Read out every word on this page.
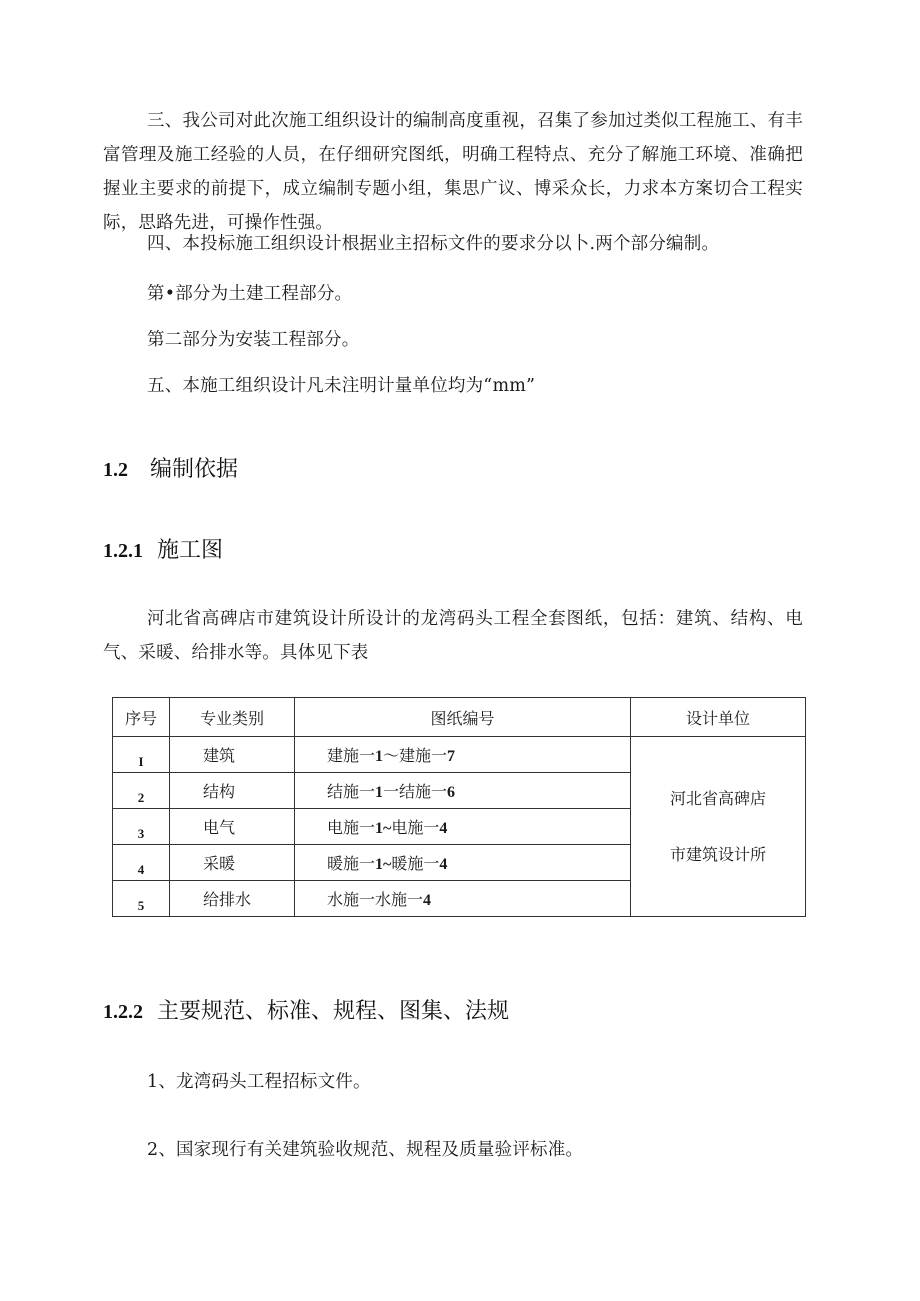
三、我公司对此次施工组织设计的编制高度重视，召集了参加过类似工程施工、有丰富管理及施工经验的人员，在仔细研究图纸，明确工程特点、充分了解施工环境、准确把握业主要求的前提下，成立编制专题小组，集思广议、博采众长，力求本方案切合工程实际，思路先进，可操作性强。

四、本投标施工组织设计根据业主招标文件的要求分以卜.两个部分编制。

第•部分为土建工程部分。

第二部分为安装工程部分。

五、本施工组织设计凡未注明计量单位均为“mm”

1.2 编制依据
1.2.1 施工图

河北省高碑店市建筑设计所设计的龙湾码头工程全套图纸，包括：建筑、结构、电气、采暖、给排水等。具体见下表

序号	专业类别	图纸编号	设计单位
I	建筑	建施一1～建施一7	河北省高碑店
市建筑设计所

2	结构	结施一1一结施一6	
3	电气	电施一1~电施一4	
4	采暖	暖施一1~暖施一4	
5	给排水	水施一水施一4	
1.2.2 主要规范、标准、规程、图集、法规

1、龙湾码头工程招标文件。

2、国家现行有关建筑验收规范、规程及质量验评标准。
